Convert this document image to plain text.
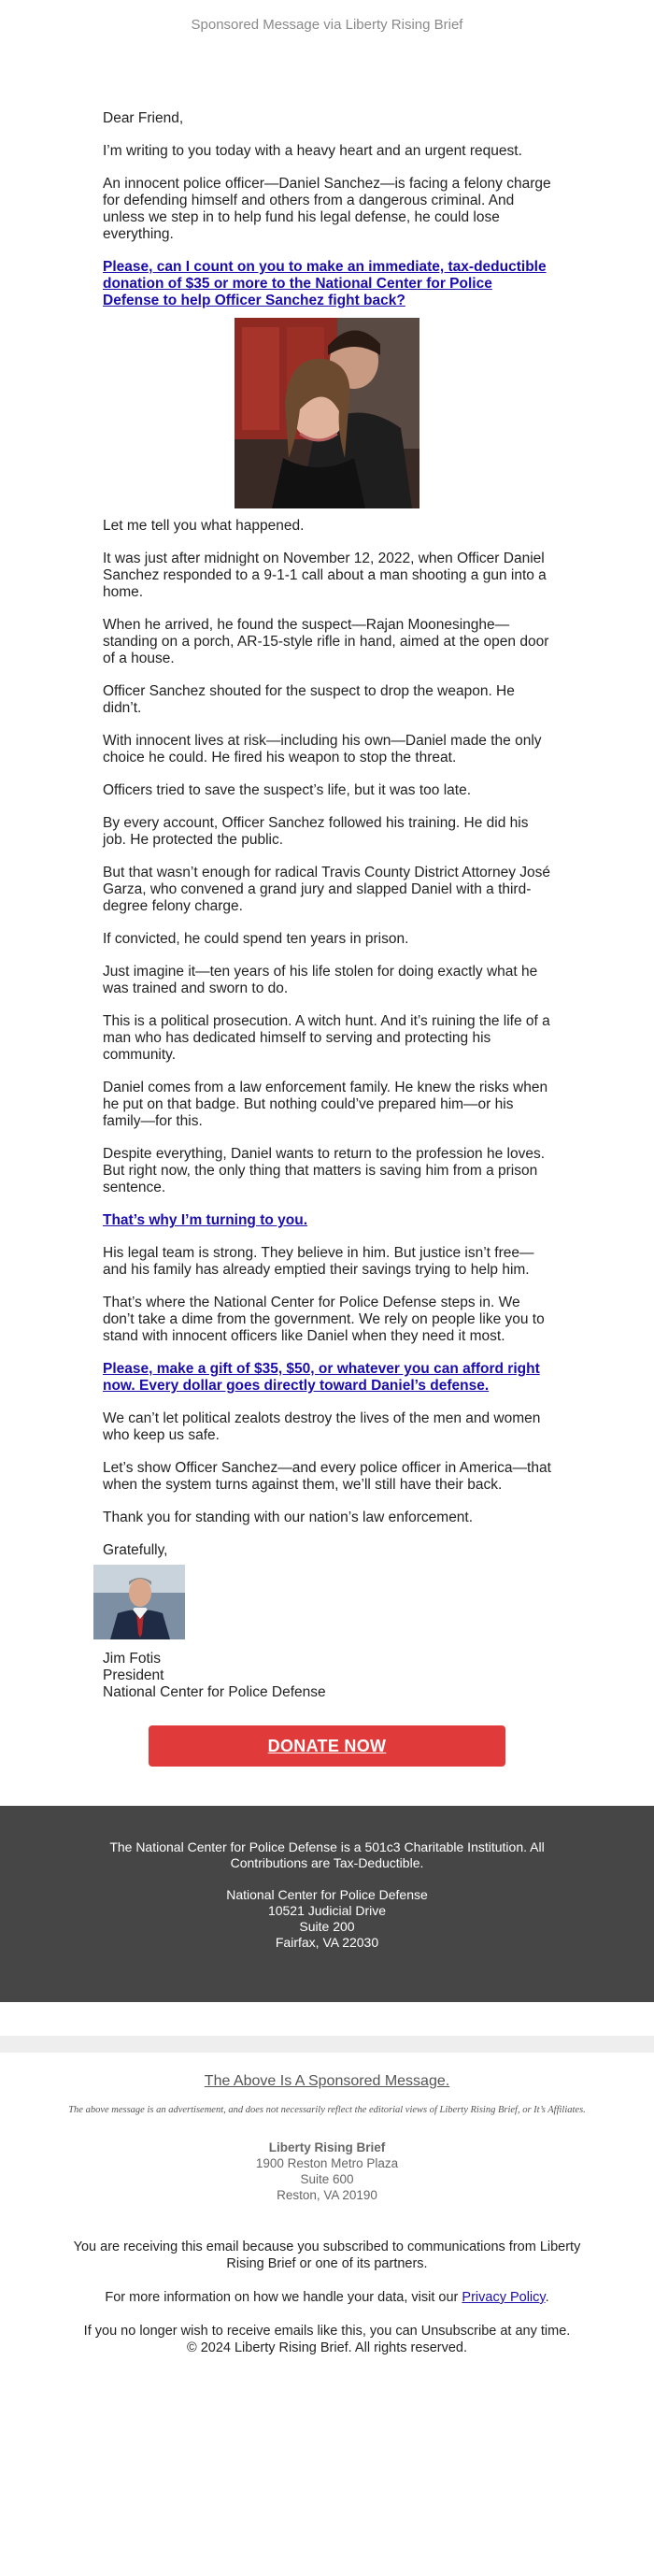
Sponsored Message via Liberty Rising Brief

Dear Friend,

I’m writing to you today with a heavy heart and an urgent request.

An innocent police officer—Daniel Sanchez—is facing a felony charge for defending himself and others from a dangerous criminal. And unless we step in to help fund his legal defense, he could lose everything.

Please, can I count on you to make an immediate, tax-deductible donation of $35 or more to the National Center for Police Defense to help Officer Sanchez fight back?

Let me tell you what happened.

It was just after midnight on November 12, 2022, when Officer Daniel Sanchez responded to a 9-1-1 call about a man shooting a gun into a home.

When he arrived, he found the suspect—Rajan Moonesinghe—standing on a porch, AR-15-style rifle in hand, aimed at the open door of a house.

Officer Sanchez shouted for the suspect to drop the weapon. He didn’t.

With innocent lives at risk—including his own—Daniel made the only choice he could. He fired his weapon to stop the threat.

Officers tried to save the suspect’s life, but it was too late.

By every account, Officer Sanchez followed his training. He did his job. He protected the public.

But that wasn’t enough for radical Travis County District Attorney José Garza, who convened a grand jury and slapped Daniel with a third-degree felony charge.

If convicted, he could spend ten years in prison.

Just imagine it—ten years of his life stolen for doing exactly what he was trained and sworn to do.

This is a political prosecution. A witch hunt. And it’s ruining the life of a man who has dedicated himself to serving and protecting his community.

Daniel comes from a law enforcement family. He knew the risks when he put on that badge. But nothing could’ve prepared him—or his family—for this.

Despite everything, Daniel wants to return to the profession he loves. But right now, the only thing that matters is saving him from a prison sentence.

That’s why I’m turning to you.

His legal team is strong. They believe in him. But justice isn’t free—and his family has already emptied their savings trying to help him.

That’s where the National Center for Police Defense steps in. We don’t take a dime from the government. We rely on people like you to stand with innocent officers like Daniel when they need it most.

Please, make a gift of $35, $50, or whatever you can afford right now. Every dollar goes directly toward Daniel’s defense.

We can’t let political zealots destroy the lives of the men and women who keep us safe.

Let’s show Officer Sanchez—and every police officer in America—that when the system turns against them, we’ll still have their back.

Thank you for standing with our nation’s law enforcement.

Gratefully,

Jim Fotis
President
National Center for Police Defense
DONATE NOW

The National Center for Police Defense is a 501c3 Charitable Institution. All Contributions are Tax-Deductible.

National Center for Police Defense
10521 Judicial Drive
Suite 200
Fairfax, VA 22030
The Above Is A Sponsored Message.
The above message is an advertisement, and does not necessarily reflect the editorial views of Liberty Rising Brief, or It’s Affiliates.
Liberty Rising Brief
1900 Reston Metro Plaza
Suite 600
Reston, VA 20190

You are receiving this email because you subscribed to communications from Liberty Rising Brief or one of its partners.

For more information on how we handle your data, visit our Privacy Policy.

If you no longer wish to receive emails like this, you can Unsubscribe at any time.
© 2024 Liberty Rising Brief. All rights reserved.
